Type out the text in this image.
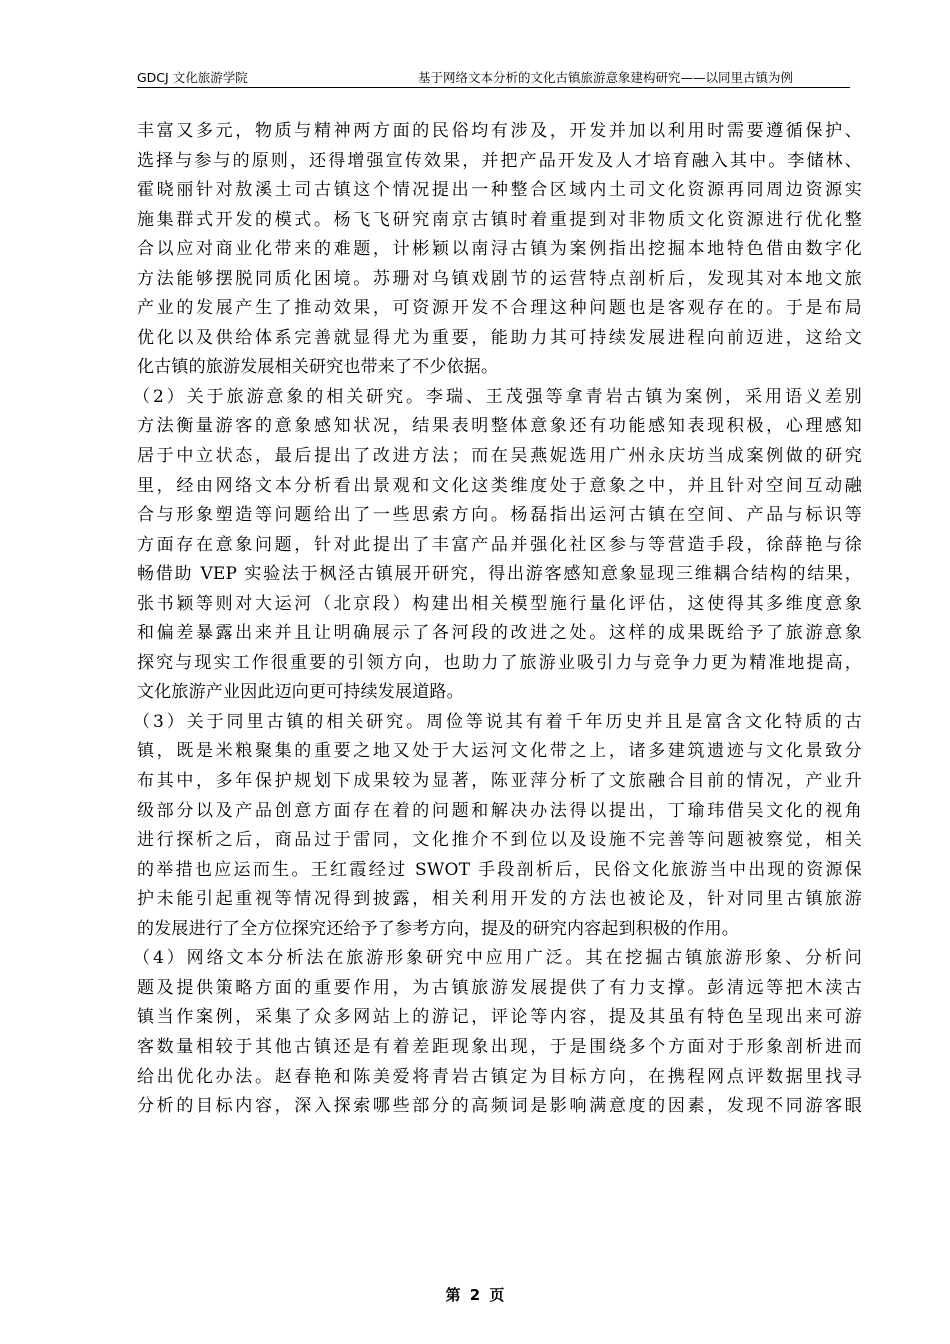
GDCJ 文化旅游学院	基于网络文本分析的文化古镇旅游意象建构研究——以同里古镇为例
丰富又多元，物质与精神两方面的民俗均有涉及，开发并加以利用时需要遵循保护、
选择与参与的原则，还得增强宣传效果，并把产品开发及人才培育融入其中。李储林、
霍晓丽针对敖溪土司古镇这个情况提出一种整合区域内土司文化资源再同周边资源实
施集群式开发的模式。杨飞飞研究南京古镇时着重提到对非物质文化资源进行优化整
合以应对商业化带来的难题，计彬颖以南浔古镇为案例指出挖掘本地特色借由数字化
方法能够摆脱同质化困境。苏珊对乌镇戏剧节的运营特点剖析后，发现其对本地文旅
产业的发展产生了推动效果，可资源开发不合理这种问题也是客观存在的。于是布局
优化以及供给体系完善就显得尤为重要，能助力其可持续发展进程向前迈进，这给文
化古镇的旅游发展相关研究也带来了不少依据。
（2）关于旅游意象的相关研究。李瑞、王茂强等拿青岩古镇为案例，采用语义差别
方法衡量游客的意象感知状况，结果表明整体意象还有功能感知表现积极，心理感知
居于中立状态，最后提出了改进方法；而在吴燕妮选用广州永庆坊当成案例做的研究
里，经由网络文本分析看出景观和文化这类维度处于意象之中，并且针对空间互动融
合与形象塑造等问题给出了一些思索方向。杨磊指出运河古镇在空间、产品与标识等
方面存在意象问题，针对此提出了丰富产品并强化社区参与等营造手段，徐薛艳与徐
畅借助 VEP 实验法于枫泾古镇展开研究，得出游客感知意象显现三维耦合结构的结果，
张书颖等则对大运河（北京段）构建出相关模型施行量化评估，这使得其多维度意象
和偏差暴露出来并且让明确展示了各河段的改进之处。这样的成果既给予了旅游意象
探究与现实工作很重要的引领方向，也助力了旅游业吸引力与竞争力更为精准地提高，
文化旅游产业因此迈向更可持续发展道路。
（3）关于同里古镇的相关研究。周俭等说其有着千年历史并且是富含文化特质的古
镇，既是米粮聚集的重要之地又处于大运河文化带之上，诸多建筑遗迹与文化景致分
布其中，多年保护规划下成果较为显著，陈亚萍分析了文旅融合目前的情况，产业升
级部分以及产品创意方面存在着的问题和解决办法得以提出，丁瑜玮借吴文化的视角
进行探析之后，商品过于雷同，文化推介不到位以及设施不完善等问题被察觉，相关
的举措也应运而生。王红霞经过 SWOT 手段剖析后，民俗文化旅游当中出现的资源保
护未能引起重视等情况得到披露，相关利用开发的方法也被论及，针对同里古镇旅游
的发展进行了全方位探究还给予了参考方向，提及的研究内容起到积极的作用。
（4）网络文本分析法在旅游形象研究中应用广泛。其在挖掘古镇旅游形象、分析问
题及提供策略方面的重要作用，为古镇旅游发展提供了有力支撑。彭清远等把木渎古
镇当作案例，采集了众多网站上的游记，评论等内容，提及其虽有特色呈现出来可游
客数量相较于其他古镇还是有着差距现象出现，于是围绕多个方面对于形象剖析进而
给出优化办法。赵春艳和陈美爱将青岩古镇定为目标方向，在携程网点评数据里找寻
分析的目标内容，深入探索哪些部分的高频词是影响满意度的因素，发现不同游客眼
第 2 页
